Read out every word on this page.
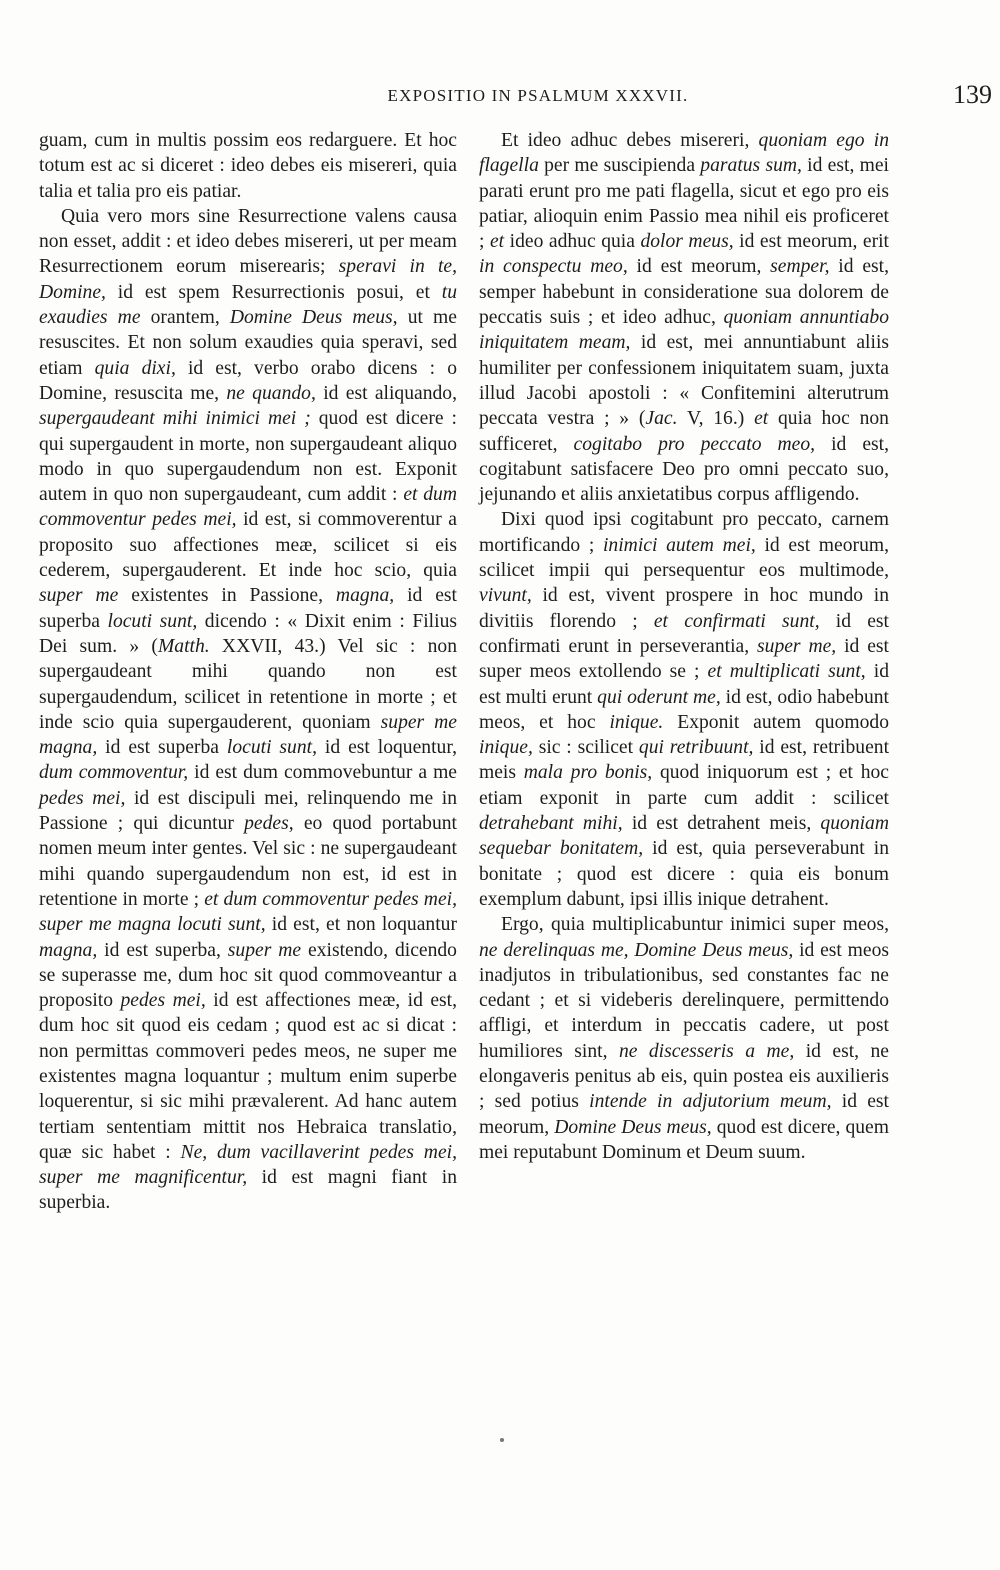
EXPOSITIO IN PSALMUM XXXVII.	139

guam, cum in multis possim eos redarguere. Et hoc totum est ac si diceret : ideo debes eis misereri, quia talia et talia pro eis patiar.

Quia vero mors sine Resurrectione valens causa non esset, addit : et ideo debes misereri, ut per meam Resurrectionem eorum miserearis; speravi in te, Domine, id est spem Resurrectionis posui, et tu exaudies me orantem, Domine Deus meus, ut me resuscites. Et non solum exaudies quia speravi, sed etiam quia dixi, id est, verbo orabo dicens : o Domine, resuscita me, ne quando, id est aliquando, supergaudeant mihi inimici mei ; quod est dicere : qui supergaudent in morte, non supergaudeant aliquo modo in quo supergaudendum non est. Exponit autem in quo non supergaudeant, cum addit : et dum commoventur pedes mei, id est, si commoverentur a proposito suo affectiones meæ, scilicet si eis cederem, supergauderent. Et inde hoc scio, quia super me existentes in Passione, magna, id est superba locuti sunt, dicendo : « Dixit enim : Filius Dei sum. » (Matth. XXVII, 43.) Vel sic : non supergaudeant mihi quando non est supergaudendum, scilicet in retentione in morte ; et inde scio quia supergauderent, quoniam super me magna, id est superba locuti sunt, id est loquentur, dum commoventur, id est dum commovebuntur a me pedes mei, id est discipuli mei, relinquendo me in Passione ; qui dicuntur pedes, eo quod portabunt nomen meum inter gentes. Vel sic : ne supergaudeant mihi quando supergaudendum non est, id est in retentione in morte ; et dum commoventur pedes mei, super me magna locuti sunt, id est, et non loquantur magna, id est superba, super me existendo, dicendo se superasse me, dum hoc sit quod commoveantur a proposito pedes mei, id est affectiones meæ, id est, dum hoc sit quod eis cedam ; quod est ac si dicat : non permittas commoveri pedes meos, ne super me existentes magna loquantur ; multum enim superbe loquerentur, si sic mihi prævalerent. Ad hanc autem tertiam sententiam mittit nos Hebraica translatio, quæ sic habet : Ne, dum vacillaverint pedes mei, super me magnificentur, id est magni fiant in superbia.

Et ideo adhuc debes misereri, quoniam ego in flagella per me suscipienda paratus sum, id est, mei parati erunt pro me pati flagella, sicut et ego pro eis patiar, alioquin enim Passio mea nihil eis proficeret ; et ideo adhuc quia dolor meus, id est meorum, erit in conspectu meo, id est meorum, semper, id est, semper habebunt in consideratione sua dolorem de peccatis suis ; et ideo adhuc, quoniam annuntiabo iniquitatem meam, id est, mei annuntiabunt aliis humiliter per confessionem iniquitatem suam, juxta illud Jacobi apostoli : « Confitemini alterutrum peccata vestra ; » (Jac. V, 16.) et quia hoc non sufficeret, cogitabo pro peccato meo, id est, cogitabunt satisfacere Deo pro omni peccato suo, jejunando et aliis anxietatibus corpus affligendo.

Dixi quod ipsi cogitabunt pro peccato, carnem mortificando ; inimici autem mei, id est meorum, scilicet impii qui persequentur eos multimode, vivunt, id est, vivent prospere in hoc mundo in divitiis florendo ; et confirmati sunt, id est confirmati erunt in perseverantia, super me, id est super meos extollendo se ; et multiplicati sunt, id est multi erunt qui oderunt me, id est, odio habebunt meos, et hoc inique. Exponit autem quomodo inique, sic : scilicet qui retribuunt, id est, retribuent meis mala pro bonis, quod iniquorum est ; et hoc etiam exponit in parte cum addit : scilicet detrahebant mihi, id est detrahent meis, quoniam sequebar bonitatem, id est, quia perseverabunt in bonitate ; quod est dicere : quia eis bonum exemplum dabunt, ipsi illis inique detrahent.

Ergo, quia multiplicabuntur inimici super meos, ne derelinquas me, Domine Deus meus, id est meos inadjutos in tribulationibus, sed constantes fac ne cedant ; et si videberis derelinquere, permittendo affligi, et interdum in peccatis cadere, ut post humiliores sint, ne discesseris a me, id est, ne elongaveris penitus ab eis, quin postea eis auxilieris ; sed potius intende in adjutorium meum, id est meorum, Domine Deus meus, quod est dicere, quem mei reputabunt Dominum et Deum suum.
